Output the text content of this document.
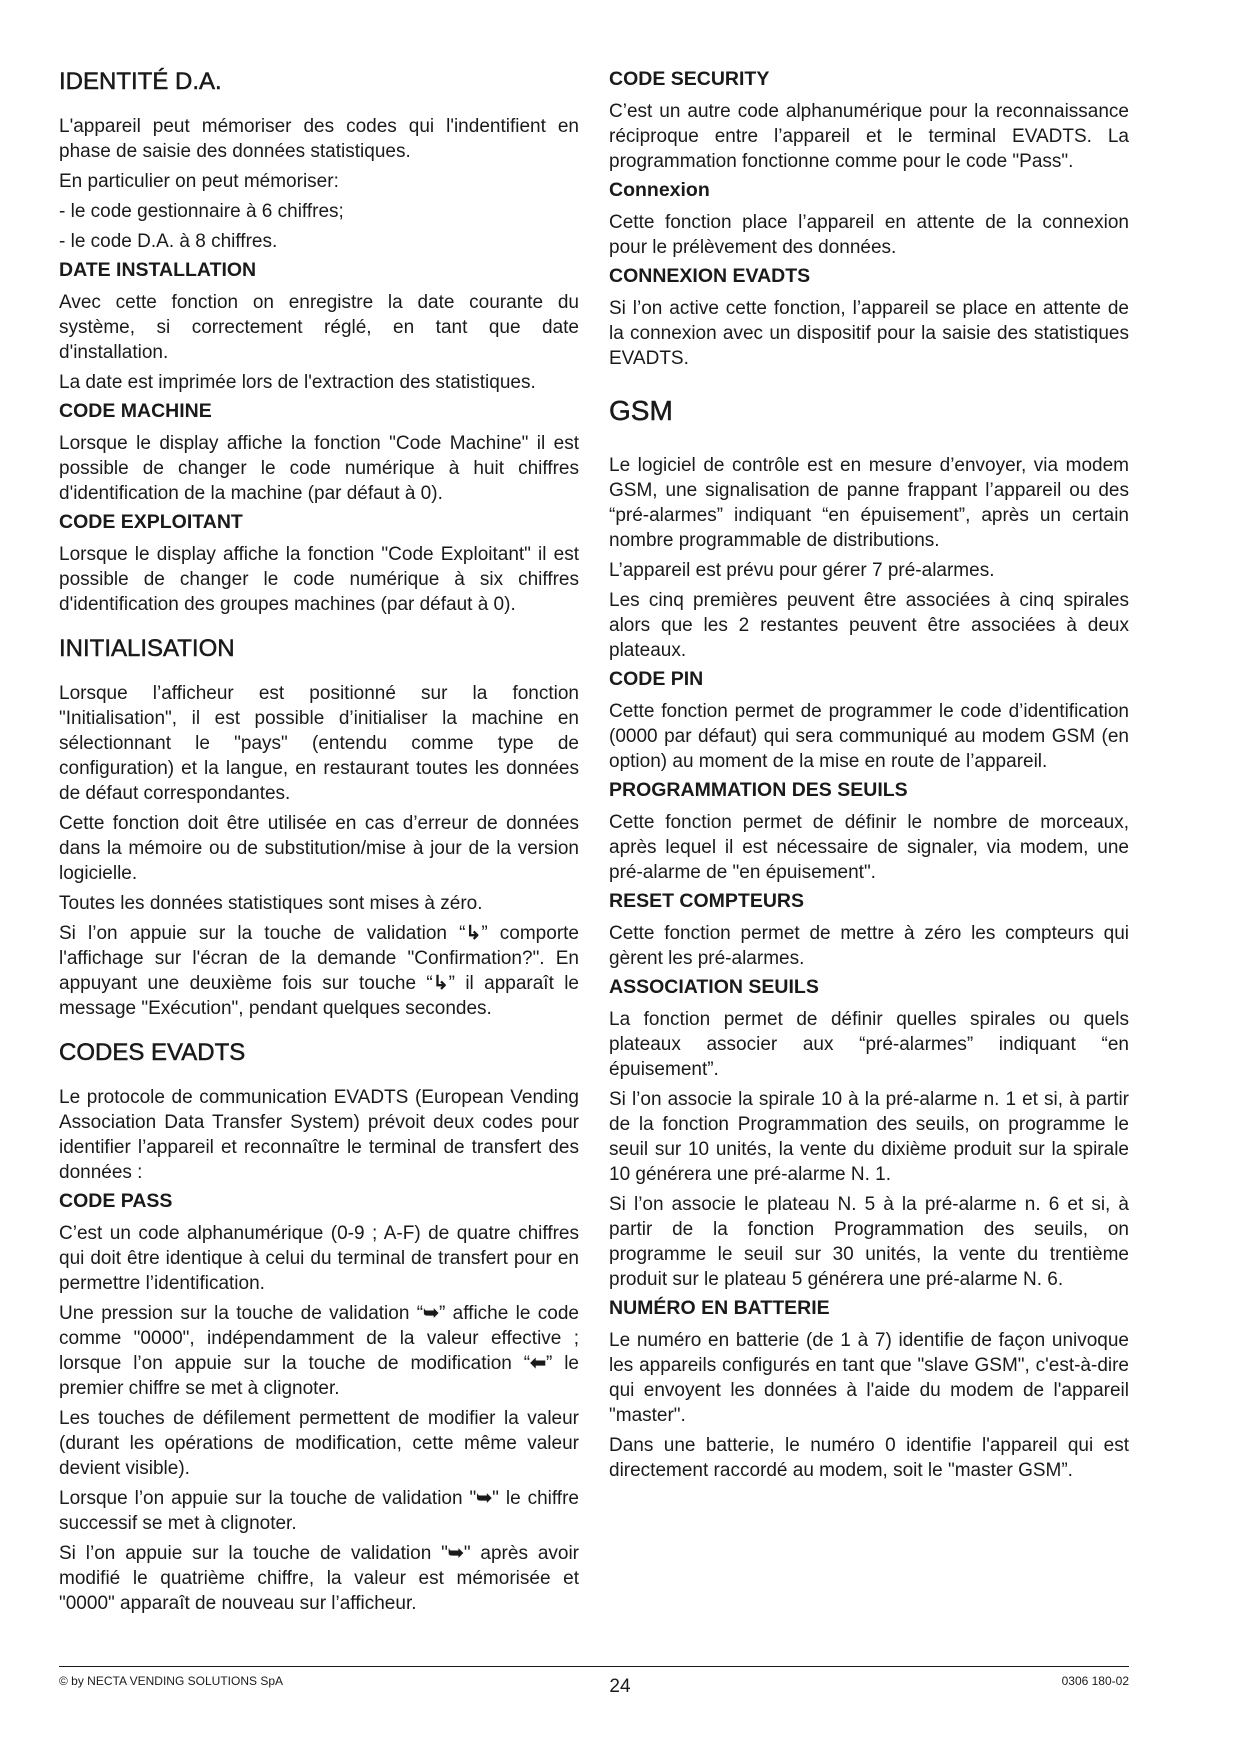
IDENTITÉ D.A.

L'appareil peut mémoriser des codes qui l'indentifient en phase de saisie des données statistiques.

En particulier on peut mémoriser:

- le code gestionnaire à 6 chiffres;

- le code D.A. à 8 chiffres.

DATE INSTALLATION

Avec cette fonction on enregistre la date courante du système, si correctement réglé, en tant que date d'installation.

La date est imprimée lors de l'extraction des statistiques.

CODE MACHINE

Lorsque le display affiche la fonction "Code Machine" il est possible de changer le code numérique à huit chiffres d'identification de la machine (par défaut à 0).

CODE EXPLOITANT

Lorsque le display affiche la fonction "Code Exploitant" il est possible de changer le code numérique à six chiffres d'identification des groupes machines (par défaut à 0).

INITIALISATION

Lorsque l’afficheur est positionné sur la fonction "Initialisation", il est possible d’initialiser la machine en sélectionnant le "pays" (entendu comme type de configuration) et la langue, en restaurant toutes les données de défaut correspondantes.

Cette fonction doit être utilisée en cas d’erreur de données dans la mémoire ou de substitution/mise à jour de la version logicielle.

Toutes les données statistiques sont mises à zéro.

Si l’on appuie sur la touche de validation “↳” comporte l'affichage sur l'écran de la demande "Confirmation?". En appuyant une deuxième fois sur touche “↳” il apparaît le message "Exécution", pendant quelques secondes.

CODES EVADTS

Le protocole de communication EVADTS (European Vending Association Data Transfer System) prévoit deux codes pour identifier l’appareil et reconnaître le terminal de transfert des données :

CODE PASS

C’est un code alphanumérique (0-9 ; A-F) de quatre chiffres qui doit être identique à celui du terminal de transfert pour en permettre l’identification.

Une pression sur la touche de validation “➥” affiche le code comme "0000", indépendamment de la valeur effective ; lorsque l’on appuie sur la touche de modification “⬅” le premier chiffre se met à clignoter.

Les touches de défilement permettent de modifier la valeur (durant les opérations de modification, cette même valeur devient visible).

Lorsque l’on appuie sur la touche de validation "➥" le chiffre successif se met à clignoter.

Si l’on appuie sur la touche de validation "➥" après avoir modifié le quatrième chiffre, la valeur est mémorisée et "0000" apparaît de nouveau sur l’afficheur.

CODE SECURITY

C’est un autre code alphanumérique pour la reconnaissance réciproque entre l’appareil et le terminal EVADTS. La programmation fonctionne comme pour le code "Pass".

Connexion

Cette fonction place l’appareil en attente de la connexion pour le prélèvement des données.

CONNEXION EVADTS

Si l’on active cette fonction, l’appareil se place en attente de la connexion avec un dispositif pour la saisie des statistiques EVADTS.

GSM

Le logiciel de contrôle est en mesure d’envoyer, via modem GSM, une signalisation de panne frappant l’appareil ou des “pré-alarmes” indiquant “en épuisement”, après un certain nombre programmable de distributions.

L’appareil est prévu pour gérer 7 pré-alarmes.

Les cinq premières peuvent être associées à cinq spirales alors que les 2 restantes peuvent être associées à deux plateaux.

CODE PIN

Cette fonction permet de programmer le code d’identification (0000 par défaut) qui sera communiqué au modem GSM (en option) au moment de la mise en route de l’appareil.

PROGRAMMATION DES SEUILS

Cette fonction permet de définir le nombre de morceaux, après lequel il est nécessaire de signaler, via modem, une pré-alarme de "en épuisement".

RESET COMPTEURS

Cette fonction permet de mettre à zéro les compteurs qui gèrent les pré-alarmes.

ASSOCIATION SEUILS

La fonction permet de définir quelles spirales ou quels plateaux associer aux “pré-alarmes” indiquant “en épuisement”.

Si l’on associe la spirale 10 à la pré-alarme n. 1 et si, à partir de la fonction Programmation des seuils, on programme le seuil sur 10 unités, la vente du dixième produit sur la spirale 10 générera une pré-alarme N. 1.

Si l’on associe le plateau N. 5 à la pré-alarme n. 6 et si, à partir de la fonction Programmation des seuils, on programme le seuil sur 30 unités, la vente du trentième produit sur le plateau 5 générera une pré-alarme N. 6.

NUMÉRO EN BATTERIE

Le numéro en batterie (de 1 à 7) identifie de façon univoque les appareils configurés en tant que "slave GSM", c'est-à-dire qui envoyent les données à l'aide du modem de l'appareil "master".

Dans une batterie, le numéro 0 identifie l'appareil qui est directement raccordé au modem, soit le "master GSM”.

© by NECTA VENDING SOLUTIONS SpA	24	0306 180-02
